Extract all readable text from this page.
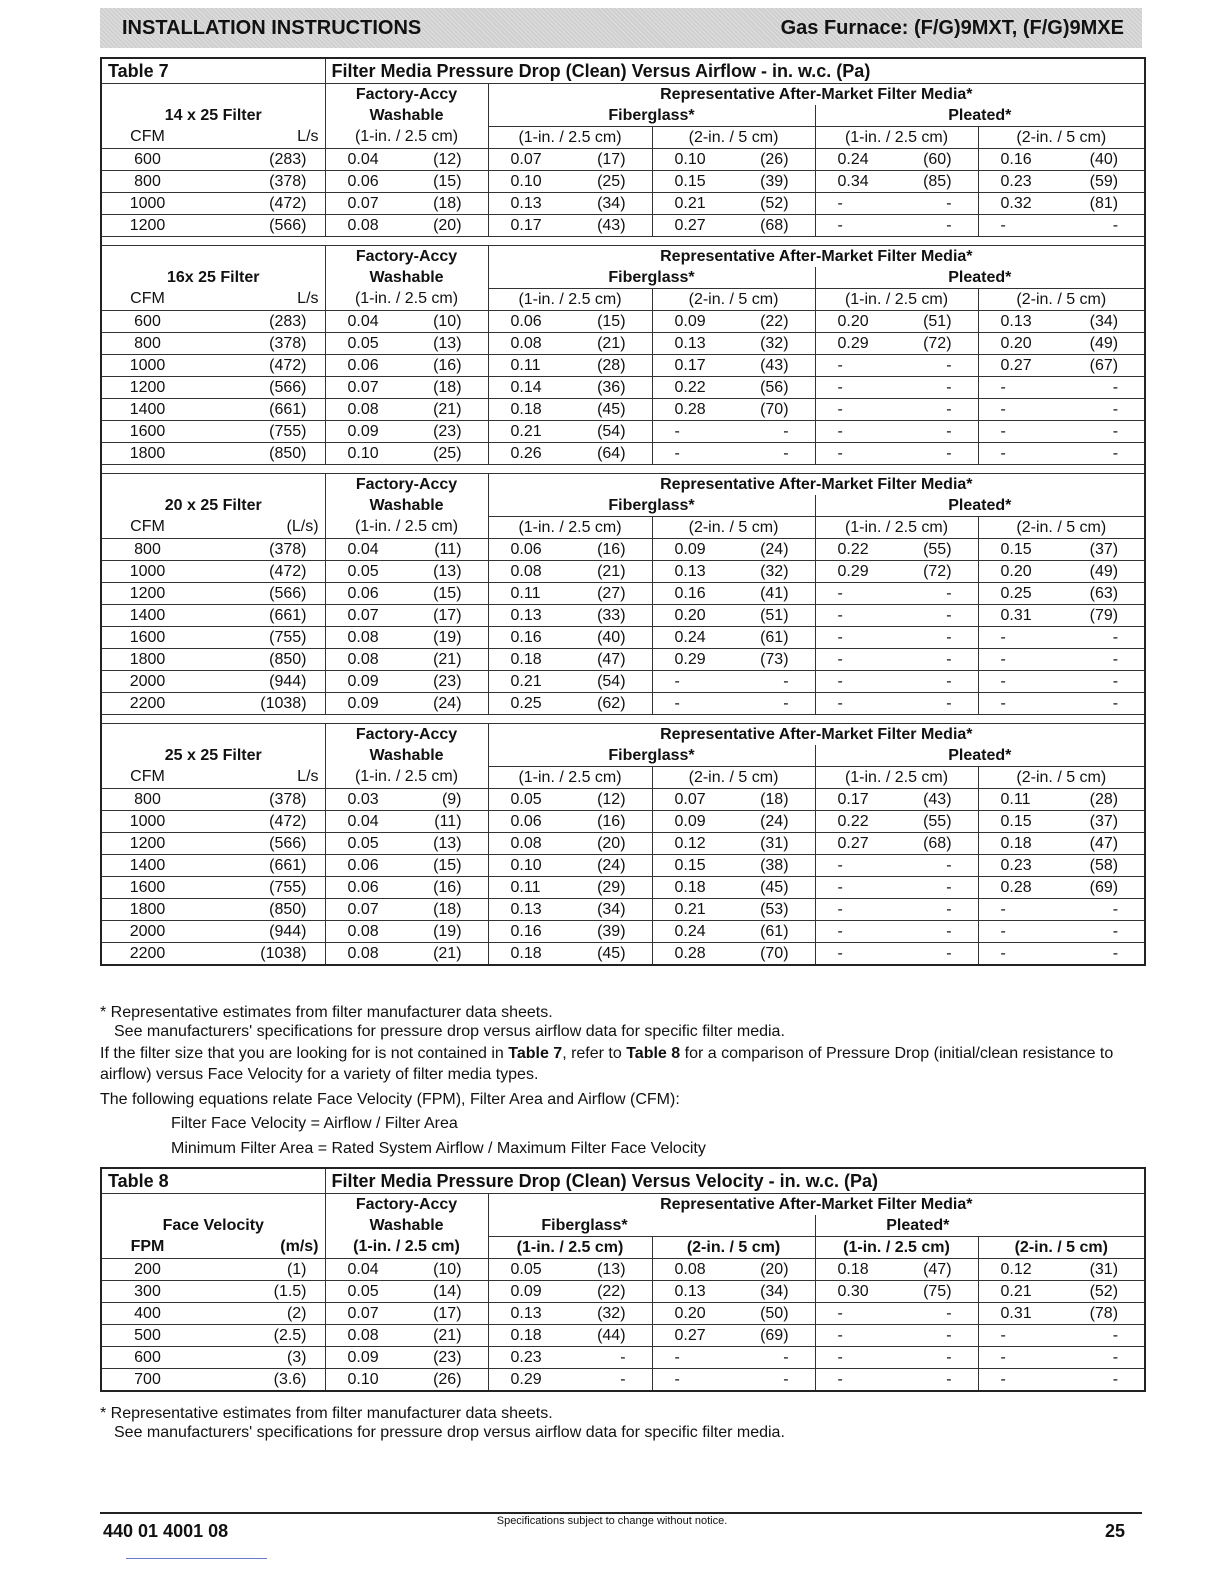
INSTALLATION INSTRUCTIONS	Gas Furnace: (F/G)9MXT, (F/G)9MXE
Table 7		Filter Media Pressure Drop (Clean) Versus Airflow - in. w.c. (Pa)									
		Factory-Accy		Representative After-Market Filter Media*							
14 x 25 Filter		Washable		Fiberglass*				Pleated*			
CFM	L/s	(1-in. / 2.5 cm)		(1-in. / 2.5 cm)		(2-in. / 5 cm)		(1-in. / 2.5 cm)		(2-in. / 5 cm)	
600	(283)	0.04	(12)	0.07	(17)	0.10	(26)	0.24	(60)	0.16	(40)
800	(378)	0.06	(15)	0.10	(25)	0.15	(39)	0.34	(85)	0.23	(59)
1000	(472)	0.07	(18)	0.13	(34)	0.21	(52)	-	-	0.32	(81)
1200	(566)	0.08	(20)	0.17	(43)	0.27	(68)	-	-	-	-

		Factory-Accy		Representative After-Market Filter Media*							
16x 25 Filter		Washable		Fiberglass*				Pleated*			
CFM	L/s	(1-in. / 2.5 cm)		(1-in. / 2.5 cm)		(2-in. / 5 cm)		(1-in. / 2.5 cm)		(2-in. / 5 cm)	
600	(283)	0.04	(10)	0.06	(15)	0.09	(22)	0.20	(51)	0.13	(34)
800	(378)	0.05	(13)	0.08	(21)	0.13	(32)	0.29	(72)	0.20	(49)
1000	(472)	0.06	(16)	0.11	(28)	0.17	(43)	-	-	0.27	(67)
1200	(566)	0.07	(18)	0.14	(36)	0.22	(56)	-	-	-	-
1400	(661)	0.08	(21)	0.18	(45)	0.28	(70)	-	-	-	-
1600	(755)	0.09	(23)	0.21	(54)	-	-	-	-	-	-
1800	(850)	0.10	(25)	0.26	(64)	-	-	-	-	-	-

		Factory-Accy		Representative After-Market Filter Media*							
20 x 25 Filter		Washable		Fiberglass*				Pleated*			
CFM	(L/s)	(1-in. / 2.5 cm)		(1-in. / 2.5 cm)		(2-in. / 5 cm)		(1-in. / 2.5 cm)		(2-in. / 5 cm)	
800	(378)	0.04	(11)	0.06	(16)	0.09	(24)	0.22	(55)	0.15	(37)
1000	(472)	0.05	(13)	0.08	(21)	0.13	(32)	0.29	(72)	0.20	(49)
1200	(566)	0.06	(15)	0.11	(27)	0.16	(41)	-	-	0.25	(63)
1400	(661)	0.07	(17)	0.13	(33)	0.20	(51)	-	-	0.31	(79)
1600	(755)	0.08	(19)	0.16	(40)	0.24	(61)	-	-	-	-
1800	(850)	0.08	(21)	0.18	(47)	0.29	(73)	-	-	-	-
2000	(944)	0.09	(23)	0.21	(54)	-	-	-	-	-	-
2200	(1038)	0.09	(24)	0.25	(62)	-	-	-	-	-	-

		Factory-Accy		Representative After-Market Filter Media*							
25 x 25 Filter		Washable		Fiberglass*				Pleated*			
CFM	L/s	(1-in. / 2.5 cm)		(1-in. / 2.5 cm)		(2-in. / 5 cm)		(1-in. / 2.5 cm)		(2-in. / 5 cm)	
800	(378)	0.03	(9)	0.05	(12)	0.07	(18)	0.17	(43)	0.11	(28)
1000	(472)	0.04	(11)	0.06	(16)	0.09	(24)	0.22	(55)	0.15	(37)
1200	(566)	0.05	(13)	0.08	(20)	0.12	(31)	0.27	(68)	0.18	(47)
1400	(661)	0.06	(15)	0.10	(24)	0.15	(38)	-	-	0.23	(58)
1600	(755)	0.06	(16)	0.11	(29)	0.18	(45)	-	-	0.28	(69)
1800	(850)	0.07	(18)	0.13	(34)	0.21	(53)	-	-	-	-
2000	(944)	0.08	(19)	0.16	(39)	0.24	(61)	-	-	-	-
2200	(1038)	0.08	(21)	0.18	(45)	0.28	(70)	-	-	-	-
* Representative estimates from filter manufacturer data sheets.
See manufacturers' specifications for pressure drop versus airflow data for specific filter media.
If the filter size that you are looking for is not contained in Table 7, refer to Table 8 for a comparison of Pressure Drop (initial/clean resistance to airflow) versus Face Velocity for a variety of filter media types.
The following equations relate Face Velocity (FPM), Filter Area and Airflow (CFM):
Filter Face Velocity = Airflow / Filter Area
Minimum Filter Area = Rated System Airflow / Maximum Filter Face Velocity
Table 8		Filter Media Pressure Drop (Clean) Versus Velocity - in. w.c. (Pa)									
		Factory-Accy		Representative After-Market Filter Media*							
Face Velocity		Washable		Fiberglass*				Pleated*			
FPM	(m/s)	(1-in. / 2.5 cm)		(1-in. / 2.5 cm)		(2-in. / 5 cm)		(1-in. / 2.5 cm)		(2-in. / 5 cm)	
200	(1)	0.04	(10)	0.05	(13)	0.08	(20)	0.18	(47)	0.12	(31)
300	(1.5)	0.05	(14)	0.09	(22)	0.13	(34)	0.30	(75)	0.21	(52)
400	(2)	0.07	(17)	0.13	(32)	0.20	(50)	-	-	0.31	(78)
500	(2.5)	0.08	(21)	0.18	(44)	0.27	(69)	-	-	-	-
600	(3)	0.09	(23)	0.23	-	-	-	-	-	-	-
700	(3.6)	0.10	(26)	0.29	-	-	-	-	-	-	-
* Representative estimates from filter manufacturer data sheets.
See manufacturers' specifications for pressure drop versus airflow data for specific filter media.
440 01 4001 08	Specifications subject to change without notice.	25
